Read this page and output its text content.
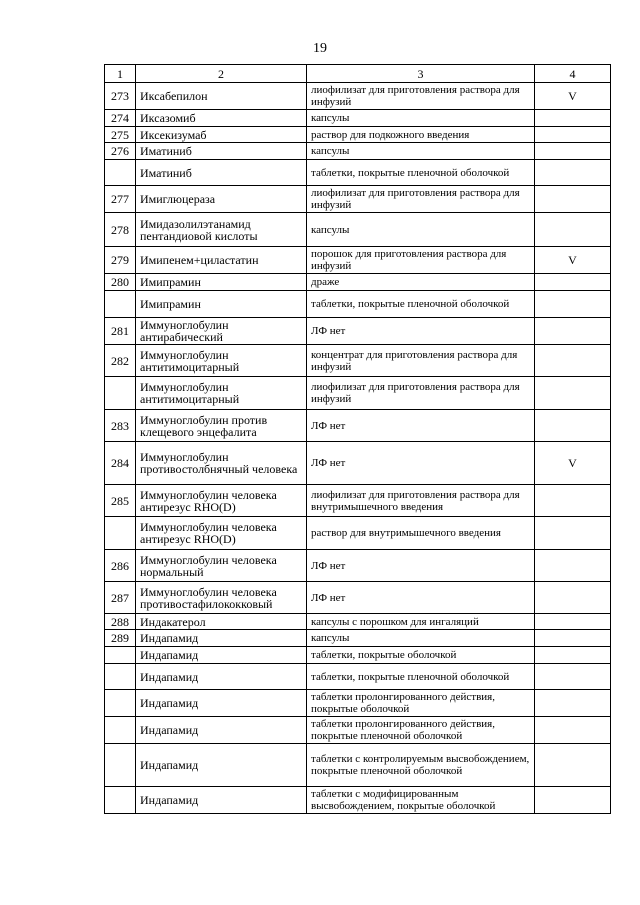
19
1	2	3	4
273	Иксабепилон	лиофилизат для приготовления раствора для инфузий	V
274	Иксазомиб	капсулы	
275	Иксекизумаб	раствор для подкожного введения	
276	Иматиниб	капсулы	
	Иматиниб	таблетки, покрытые пленочной оболочкой	
277	Имиглюцераза	лиофилизат для приготовления раствора для инфузий	
278	Имидазолилэтанамид пентандиовой кислоты	капсулы	
279	Имипенем+циластатин	порошок для приготовления раствора для инфузий	V
280	Имипрамин	драже	
	Имипрамин	таблетки, покрытые пленочной оболочкой	
281	Иммуноглобулин антирабический	ЛФ нет	
282	Иммуноглобулин антитимоцитарный	концентрат для приготовления раствора для инфузий	
	Иммуноглобулин антитимоцитарный	лиофилизат для приготовления раствора для инфузий	
283	Иммуноглобулин против клещевого энцефалита	ЛФ нет	
284	Иммуноглобулин противостолбнячный человека	ЛФ нет	V
285	Иммуноглобулин человека антирезус RHO(D)	лиофилизат для приготовления раствора для внутримышечного введения	
	Иммуноглобулин человека антирезус RHO(D)	раствор для внутримышечного введения	
286	Иммуноглобулин человека нормальный	ЛФ нет	
287	Иммуноглобулин человека противостафилококковый	ЛФ нет	
288	Индакатерол	капсулы с порошком для ингаляций	
289	Индапамид	капсулы	
	Индапамид	таблетки, покрытые оболочкой	
	Индапамид	таблетки, покрытые пленочной оболочкой	
	Индапамид	таблетки пролонгированного действия, покрытые оболочкой	
	Индапамид	таблетки пролонгированного действия, покрытые пленочной оболочкой	
	Индапамид	таблетки с контролируемым высвобождением, покрытые пленочной оболочкой	
	Индапамид	таблетки с модифицированным высвобождением, покрытые оболочкой	
